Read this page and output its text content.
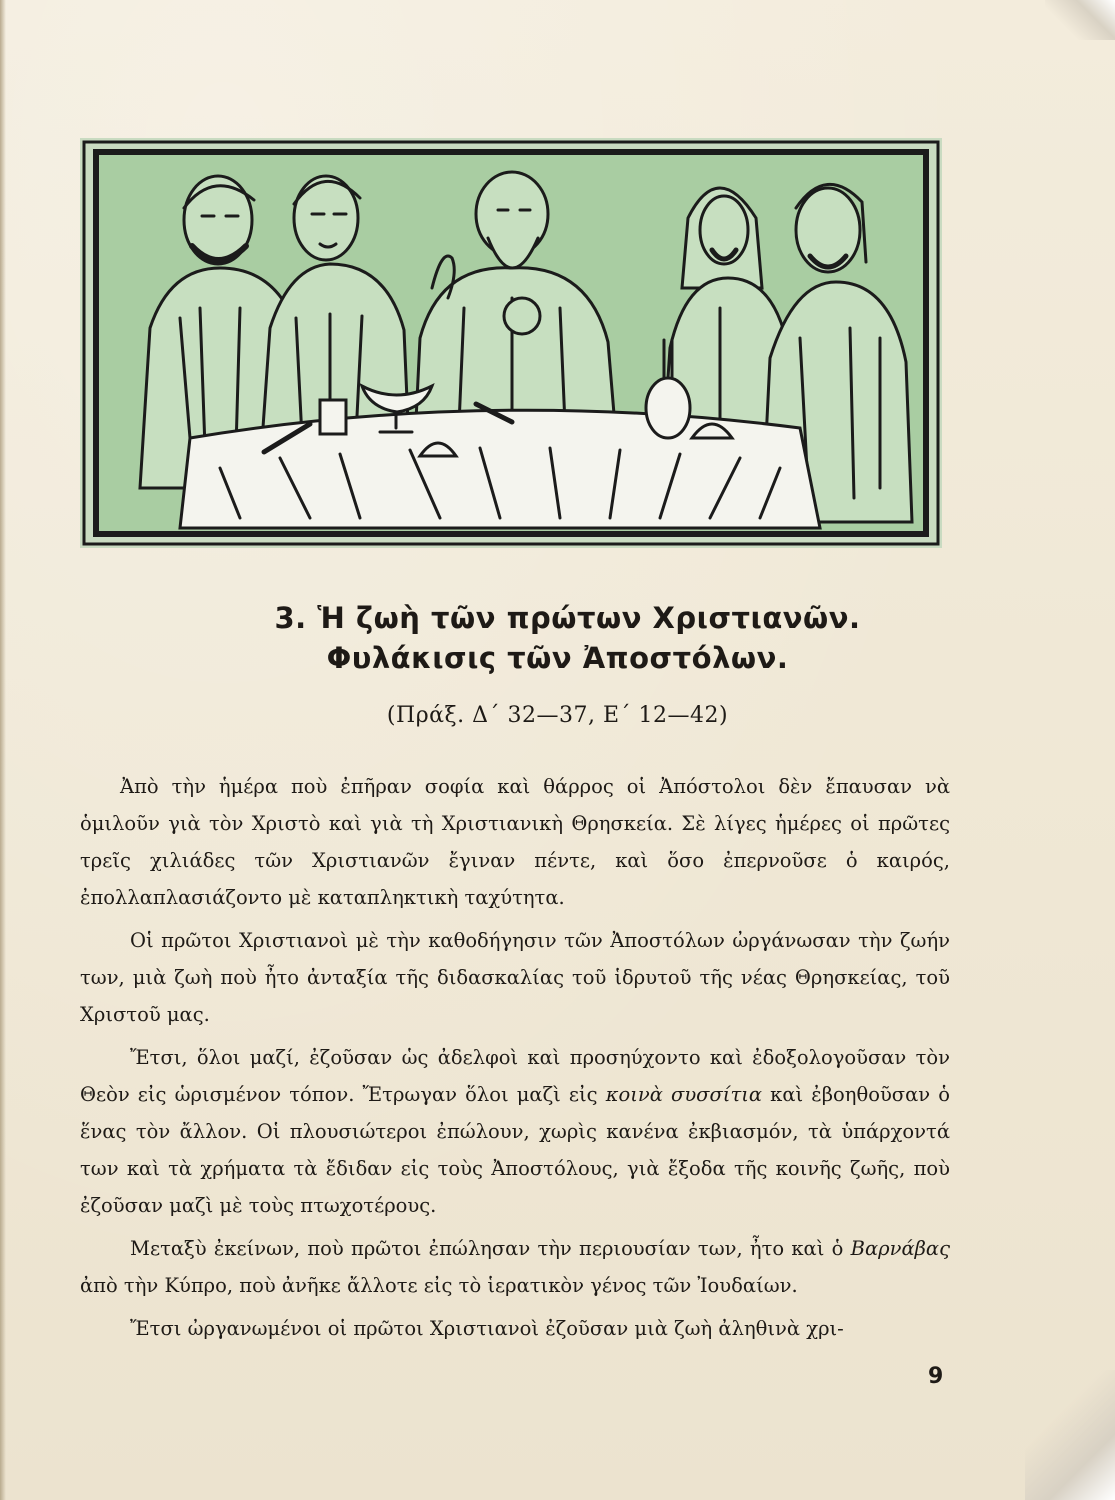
3. Ἡ ζωὴ τῶν πρώτων Χριστιανῶν.
Φυλάκισις τῶν Ἀποστόλων.
(Πράξ. Δ΄ 32—37, Ε΄ 12—42)

Ἀπὸ τὴν ἡμέρα ποὺ ἐπῆραν σοφία καὶ θάρρος οἱ Ἀπόστολοι δὲν ἔπαυσαν νὰ ὁμιλοῦν γιὰ τὸν Χριστὸ καὶ γιὰ τὴ Χριστιανικὴ Θρησκεία. Σὲ λίγες ἡμέρες οἱ πρῶτες τρεῖς χιλιάδες τῶν Χριστιανῶν ἔγιναν πέντε, καὶ ὅσο ἐπερνοῦσε ὁ καιρός, ἐπολλαπλασιάζοντο μὲ καταπληκτικὴ ταχύτητα.

Οἱ πρῶτοι Χριστιανοὶ μὲ τὴν καθοδήγησιν τῶν Ἀποστόλων ὠργάνωσαν τὴν ζωήν των, μιὰ ζωὴ ποὺ ἦτο ἀνταξία τῆς διδασκαλίας τοῦ ἱδρυτοῦ τῆς νέας Θρησκείας, τοῦ Χριστοῦ μας.

Ἔτσι, ὅλοι μαζί, ἐζοῦσαν ὡς ἀδελφοὶ καὶ προσηύχοντο καὶ ἐδοξολογοῦσαν τὸν Θεὸν εἰς ὡρισμένον τόπον. Ἔτρωγαν ὅλοι μαζὶ εἰς κοινὰ συσσίτια καὶ ἐβοηθοῦσαν ὁ ἕνας τὸν ἄλλον. Οἱ πλουσιώτεροι ἐπώλουν, χωρὶς κανένα ἐκβιασμόν, τὰ ὑπάρχοντά των καὶ τὰ χρήματα τὰ ἔδιδαν εἰς τοὺς Ἀποστόλους, γιὰ ἔξοδα τῆς κοινῆς ζωῆς, ποὺ ἐζοῦσαν μαζὶ μὲ τοὺς πτωχοτέρους.

Μεταξὺ ἐκείνων, ποὺ πρῶτοι ἐπώλησαν τὴν περιουσίαν των, ἦτο καὶ ὁ Βαρνάβας ἀπὸ τὴν Κύπρο, ποὺ ἀνῆκε ἄλλοτε εἰς τὸ ἱερατικὸν γένος τῶν Ἰουδαίων.

Ἔτσι ὠργανωμένοι οἱ πρῶτοι Χριστιανοὶ ἐζοῦσαν μιὰ ζωὴ ἀληθινὰ χρι-

9
